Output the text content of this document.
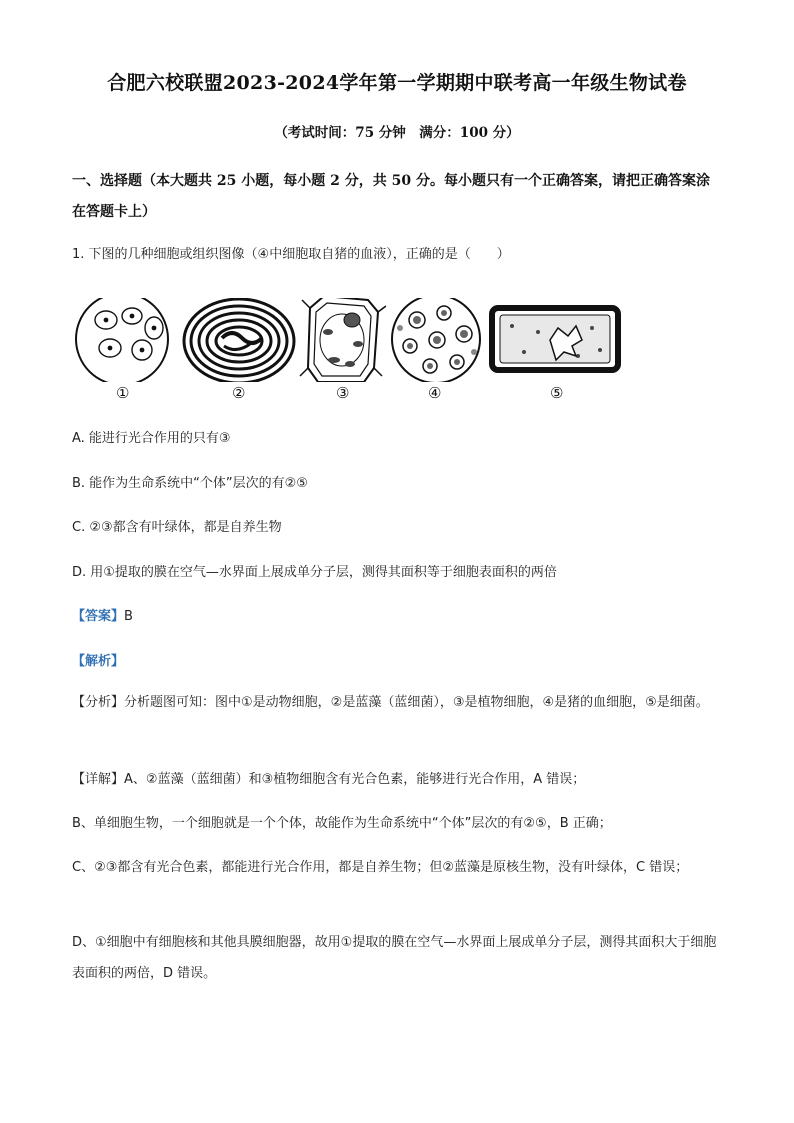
合肥六校联盟2023-2024学年第一学期期中联考高一年级生物试卷
（考试时间：75 分钟　满分：100 分）
一、选择题（本大题共 25 小题，每小题 2 分，共 50 分。每小题只有一个正确答案，请把正确答案涂在答题卡上）
1. 下图的几种细胞或组织图像（④中细胞取自猪的血液），正确的是（　　）
①	②	③	④	⑤
A. 能进行光合作用的只有③
B. 能作为生命系统中“个体”层次的有②⑤
C. ②③都含有叶绿体，都是自养生物
D. 用①提取的膜在空气—水界面上展成单分子层，测得其面积等于细胞表面积的两倍
【答案】B
【解析】
【分析】分析题图可知：图中①是动物细胞，②是蓝藻（蓝细菌），③是植物细胞，④是猪的血细胞，⑤是细菌。
【详解】A、②蓝藻（蓝细菌）和③植物细胞含有光合色素，能够进行光合作用，A 错误；
B、单细胞生物，一个细胞就是一个个体，故能作为生命系统中“个体”层次的有②⑤，B 正确；
C、②③都含有光合色素，都能进行光合作用，都是自养生物；但②蓝藻是原核生物，没有叶绿体，C 错误；
D、①细胞中有细胞核和其他具膜细胞器，故用①提取的膜在空气—水界面上展成单分子层，测得其面积大于细胞表面积的两倍，D 错误。
